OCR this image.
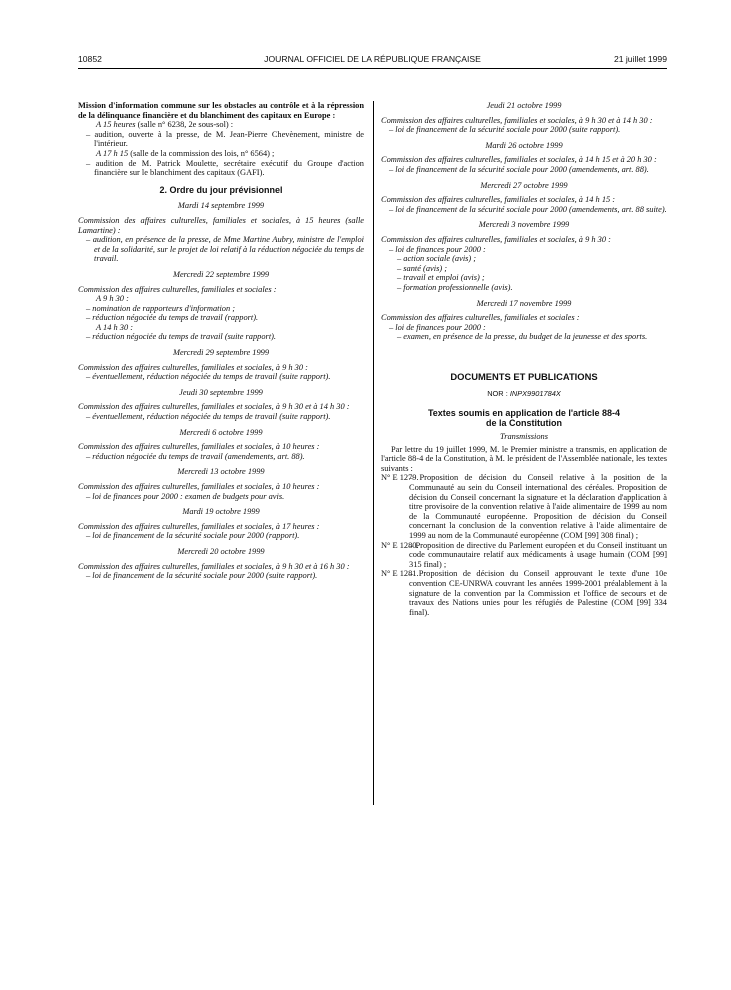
10852	JOURNAL OFFICIEL DE LA RÉPUBLIQUE FRANÇAISE	21 juillet 1999

Mission d'information commune sur les obstacles au contrôle et à la répression de la délinquance financière et du blanchiment des capitaux en Europe :

A 15 heures (salle n° 6238, 2e sous-sol) :

– audition, ouverte à la presse, de M. Jean-Pierre Chevènement, ministre de l'intérieur.

A 17 h 15 (salle de la commission des lois, n° 6564) ;

– audition de M. Patrick Moulette, secrétaire exécutif du Groupe d'action financière sur le blanchiment des capitaux (GAFI).

2. Ordre du jour prévisionnel

Mardi 14 septembre 1999

Commission des affaires culturelles, familiales et sociales, à 15 heures (salle Lamartine) :

– audition, en présence de la presse, de Mme Martine Aubry, ministre de l'emploi et de la solidarité, sur le projet de loi relatif à la réduction négociée du temps de travail.

Mercredi 22 septembre 1999

Commission des affaires culturelles, familiales et sociales :

A 9 h 30 :

– nomination de rapporteurs d'information ;

– réduction négociée du temps de travail (rapport).

A 14 h 30 :

– réduction négociée du temps de travail (suite rapport).

Mercredi 29 septembre 1999

Commission des affaires culturelles, familiales et sociales, à 9 h 30 :

– éventuellement, réduction négociée du temps de travail (suite rapport).

Jeudi 30 septembre 1999

Commission des affaires culturelles, familiales et sociales, à 9 h 30 et à 14 h 30 :

– éventuellement, réduction négociée du temps de travail (suite rapport).

Mercredi 6 octobre 1999

Commission des affaires culturelles, familiales et sociales, à 10 heures :

– réduction négociée du temps de travail (amendements, art. 88).

Mercredi 13 octobre 1999

Commission des affaires culturelles, familiales et sociales, à 10 heures :

– loi de finances pour 2000 : examen de budgets pour avis.

Mardi 19 octobre 1999

Commission des affaires culturelles, familiales et sociales, à 17 heures :

– loi de financement de la sécurité sociale pour 2000 (rapport).

Mercredi 20 octobre 1999

Commission des affaires culturelles, familiales et sociales, à 9 h 30 et à 16 h 30 :

– loi de financement de la sécurité sociale pour 2000 (suite rapport).

Jeudi 21 octobre 1999

Commission des affaires culturelles, familiales et sociales, à 9 h 30 et à 14 h 30 :

– loi de financement de la sécurité sociale pour 2000 (suite rapport).

Mardi 26 octobre 1999

Commission des affaires culturelles, familiales et sociales, à 14 h 15 et à 20 h 30 :

– loi de financement de la sécurité sociale pour 2000 (amendements, art. 88).

Mercredi 27 octobre 1999

Commission des affaires culturelles, familiales et sociales, à 14 h 15 :

– loi de financement de la sécurité sociale pour 2000 (amendements, art. 88 suite).

Mercredi 3 novembre 1999

Commission des affaires culturelles, familiales et sociales, à 9 h 30 :

– loi de finances pour 2000 :

– action sociale (avis) ;

– santé (avis) ;

– travail et emploi (avis) ;

– formation professionnelle (avis).

Mercredi 17 novembre 1999

Commission des affaires culturelles, familiales et sociales :

– loi de finances pour 2000 :

– examen, en présence de la presse, du budget de la jeunesse et des sports.

DOCUMENTS ET PUBLICATIONS

NOR : INPX9901784X

Textes soumis en application de l'article 88-4

de la Constitution

Transmissions

Par lettre du 19 juillet 1999, M. le Premier ministre a transmis, en application de l'article 88-4 de la Constitution, à M. le président de l'Assemblée nationale, les textes suivants :

N° E 1279.
– Proposition de décision du Conseil relative à la position de la Communauté au sein du Conseil international des céréales. Proposition de décision du Conseil concernant la signature et la déclaration d'application à titre provisoire de la convention relative à l'aide alimentaire de 1999 au nom de la Communauté européenne. Proposition de décision du Conseil concernant la conclusion de la convention relative à l'aide alimentaire de 1999 au nom de la Communauté européenne (COM [99] 308 final) ;

N° E 1280.
– Proposition de directive du Parlement européen et du Conseil instituant un code communautaire relatif aux médicaments à usage humain (COM [99] 315 final) ;

N° E 1281.
– Proposition de décision du Conseil approuvant le texte d'une 10e convention CE-UNRWA couvrant les années 1999-2001 préalablement à la signature de la convention par la Commission et l'office de secours et de travaux des Nations unies pour les réfugiés de Palestine (COM [99] 334 final).
